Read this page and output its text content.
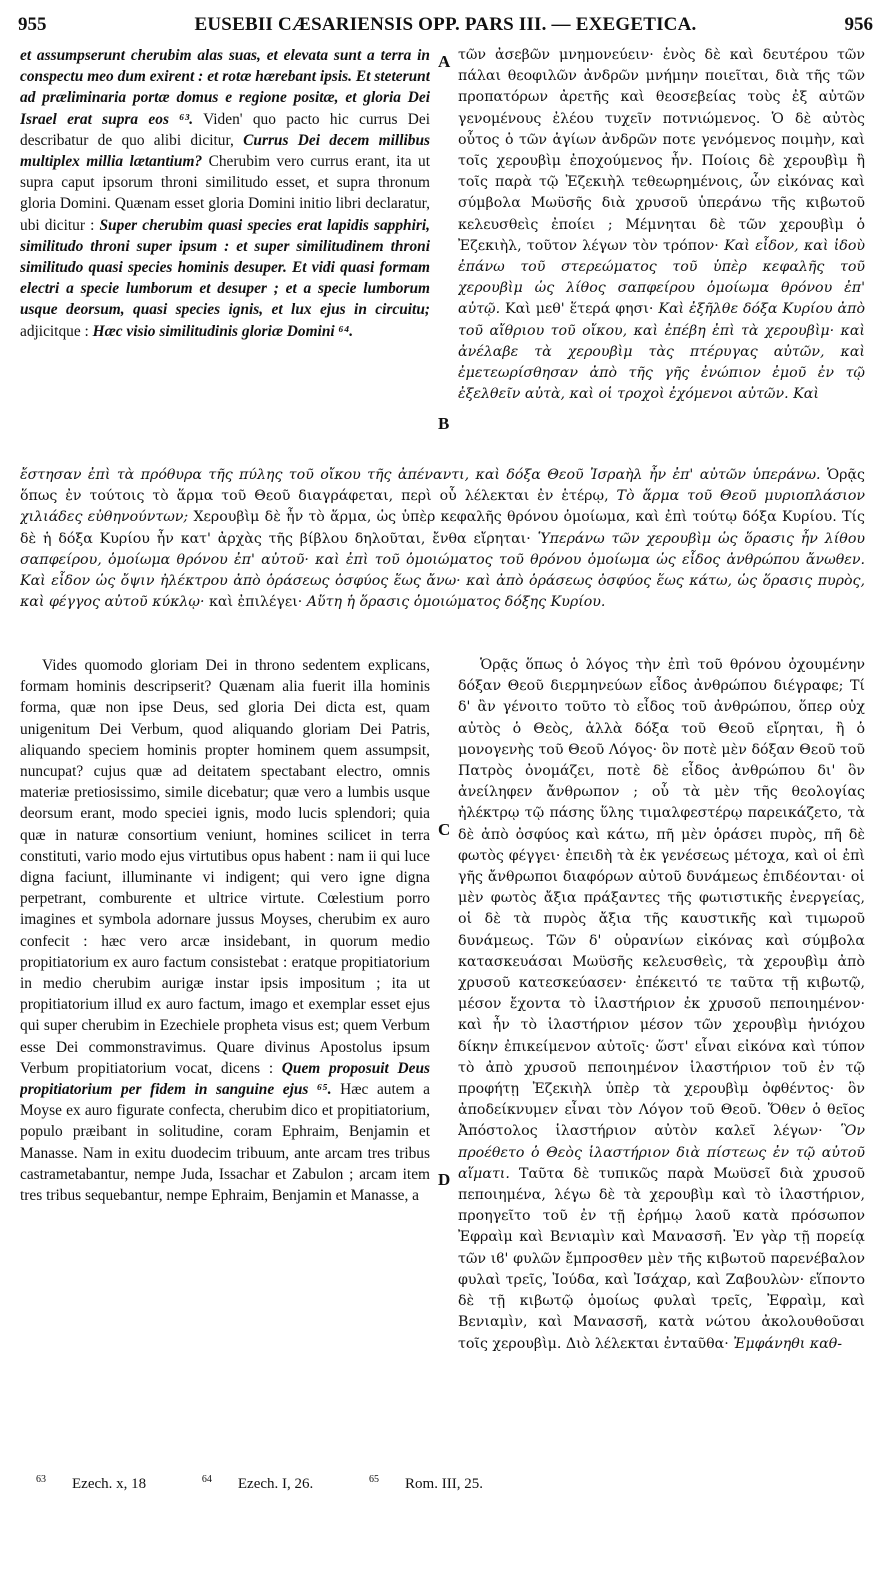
955	EUSEBII CÆSARIENSIS OPP. PARS III. — EXEGETICA.	956

et assumpserunt cherubim alas suas, et elevata sunt a terra in conspectu meo dum exirent : et rotæ hærebant ipsis. Et steterunt ad præliminaria portæ domus e regione positæ, et gloria Dei Israel erat supra eos ⁶³. Viden' quo pacto hic currus Dei describatur de quo alibi dicitur, Currus Dei decem millibus multiplex millia lætantium? Cherubim vero currus erant, ita ut supra caput ipsorum throni similitudo esset, et supra thronum gloria Domini. Quænam esset gloria Domini initio libri declaratur, ubi dicitur : Super cherubim quasi species erat lapidis sapphiri, similitudo throni super ipsum : et super similitudinem throni similitudo quasi species hominis desuper. Et vidi quasi formam electri a specie lumborum et desuper ; et a specie lumborum usque deorsum, quasi species ignis, et lux ejus in circuitu; adjicitque : Hæc visio similitudinis gloriæ Domini ⁶⁴.

τῶν ἀσεβῶν μνημονεύειν· ἑνὸς δὲ καὶ δευτέρου τῶν πάλαι θεοφιλῶν ἀνδρῶν μνήμην ποιεῖται, διὰ τῆς τῶν προπατόρων ἀρετῆς καὶ θεοσεβείας τοὺς ἐξ αὐτῶν γενομένους ἐλέου τυχεῖν ποτνιώμενος. Ὁ δὲ αὐτὸς οὗτος ὁ τῶν ἁγίων ἀνδρῶν ποτε γενόμενος ποιμὴν, καὶ τοῖς χερουβὶμ ἐποχούμενος ἦν. Ποίοις δὲ χερουβὶμ ἢ τοῖς παρὰ τῷ Ἐζεκιὴλ τεθεωρημένοις, ὧν εἰκόνας καὶ σύμβολα Μωϋσῆς διὰ χρυσοῦ ὑπεράνω τῆς κιβωτοῦ κελευσθεὶς ἐποίει ; Μέμνηται δὲ τῶν χερουβὶμ ὁ Ἐζεκιὴλ, τοῦτον λέγων τὸν τρόπον· Καὶ εἶδον, καὶ ἰδοὺ ἐπάνω τοῦ στερεώματος τοῦ ὑπὲρ κεφαλῆς τοῦ χερουβὶμ ὡς λίθος σαπφείρου ὁμοίωμα θρόνου ἐπ' αὐτῷ. Καὶ μεθ' ἕτερά φησι· Καὶ ἐξῆλθε δόξα Κυρίου ἀπὸ τοῦ αἴθριου τοῦ οἴκου, καὶ ἐπέβη ἐπὶ τὰ χερουβὶμ· καὶ ἀνέλαβε τὰ χερουβὶμ τὰς πτέρυγας αὐτῶν, καὶ ἐμετεωρίσθησαν ἀπὸ τῆς γῆς ἐνώπιον ἐμοῦ ἐν τῷ ἐξελθεῖν αὐτὰ, καὶ οἱ τροχοὶ ἐχόμενοι αὐτῶν. Καὶ

ἔστησαν ἐπὶ τὰ πρόθυρα τῆς πύλης τοῦ οἴκου τῆς ἀπέναντι, καὶ δόξα Θεοῦ Ἰσραὴλ ἦν ἐπ' αὐτῶν ὑπεράνω. Ὁρᾷς ὅπως ἐν τούτοις τὸ ἅρμα τοῦ Θεοῦ διαγράφεται, περὶ οὗ λέλεκται ἐν ἑτέρῳ, Τὸ ἅρμα τοῦ Θεοῦ μυριοπλάσιον χιλιάδες εὐθηνούντων; Χερουβὶμ δὲ ἦν τὸ ἅρμα, ὡς ὑπὲρ κεφαλῆς θρόνου ὁμοίωμα, καὶ ἐπὶ τούτῳ δόξα Κυρίου. Τίς δὲ ἡ δόξα Κυρίου ἦν κατ' ἀρχὰς τῆς βίβλου δηλοῦται, ἔνθα εἴρηται· Ὑπεράνω τῶν χερουβὶμ ὡς ὅρασις ἦν λίθου σαπφείρου, ὁμοίωμα θρόνου ἐπ' αὐτοῦ· καὶ ἐπὶ τοῦ ὁμοιώματος τοῦ θρόνου ὁμοίωμα ὡς εἶδος ἀνθρώπου ἄνωθεν. Καὶ εἶδον ὡς ὄψιν ἠλέκτρου ἀπὸ ὁράσεως ὀσφύος ἕως ἄνω· καὶ ἀπὸ ὁράσεως ὀσφύος ἕως κάτω, ὡς ὅρασις πυρὸς, καὶ φέγγος αὐτοῦ κύκλῳ· καὶ ἐπιλέγει· Αὕτη ἡ ὅρασις ὁμοιώματος δόξης Κυρίου.

Vides quomodo gloriam Dei in throno sedentem explicans, formam hominis descripserit? Quænam alia fuerit illa hominis forma, quæ non ipse Deus, sed gloria Dei dicta est, quam unigenitum Dei Verbum, quod aliquando gloriam Dei Patris, aliquando speciem hominis propter hominem quem assumpsit, nuncupat? cujus quæ ad deitatem spectabant electro, omnis materiæ pretiosissimo, simile dicebatur; quæ vero a lumbis usque deorsum erant, modo speciei ignis, modo lucis splendori; quia quæ in naturæ consortium veniunt, homines scilicet in terra constituti, vario modo ejus virtutibus opus habent : nam ii qui luce digna faciunt, illuminante vi indigent; qui vero igne digna perpetrant, comburente et ultrice virtute. Cœlestium porro imagines et symbola adornare jussus Moyses, cherubim ex auro confecit : hæc vero arcæ insidebant, in quorum medio propitiatorium ex auro factum consistebat : eratque propitiatorium in medio cherubim aurigæ instar ipsis impositum ; ita ut propitiatorium illud ex auro factum, imago et exemplar esset ejus qui super cherubim in Ezechiele propheta visus est; quem Verbum esse Dei commonstravimus. Quare divinus Apostolus ipsum Verbum propitiatorium vocat, dicens : Quem proposuit Deus propitiatorium per fidem in sanguine ejus ⁶⁵. Hæc autem a Moyse ex auro figurate confecta, cherubim dico et propitiatorium, populo præibant in solitudine, coram Ephraim, Benjamin et Manasse. Nam in exitu duodecim tribuum, ante arcam tres tribus castrametabantur, nempe Juda, Issachar et Zabulon ; arcam item tres tribus sequebantur, nempe Ephraim, Benjamin et Manasse, a

Ὁρᾷς ὅπως ὁ λόγος τὴν ἐπὶ τοῦ θρόνου ὀχουμένην δόξαν Θεοῦ διερμηνεύων εἶδος ἀνθρώπου διέγραφε; Τί δ' ἂν γένοιτο τοῦτο τὸ εἶδος τοῦ ἀνθρώπου, ὅπερ οὐχ αὐτὸς ὁ Θεὸς, ἀλλὰ δόξα τοῦ Θεοῦ εἴρηται, ἢ ὁ μονογενὴς τοῦ Θεοῦ Λόγος· ὃν ποτὲ μὲν δόξαν Θεοῦ τοῦ Πατρὸς ὀνομάζει, ποτὲ δὲ εἶδος ἀνθρώπου δι' ὃν ἀνείληφεν ἄνθρωπον ; οὗ τὰ μὲν τῆς θεολογίας ἠλέκτρῳ τῷ πάσης ὕλης τιμαλφεστέρῳ παρεικάζετο, τὰ δὲ ἀπὸ ὀσφύος καὶ κάτω, πῆ μὲν ὁράσει πυρὸς, πῆ δὲ φωτὸς φέγγει· ἐπειδὴ τὰ ἐκ γενέσεως μέτοχα, καὶ οἱ ἐπὶ γῆς ἄνθρωποι διαφόρων αὐτοῦ δυνάμεως ἐπιδέονται· οἱ μὲν φωτὸς ἄξια πράξαντες τῆς φωτιστικῆς ἐνεργείας, οἱ δὲ τὰ πυρὸς ἄξια τῆς καυστικῆς καὶ τιμωροῦ δυνάμεως. Τῶν δ' οὐρανίων εἰκόνας καὶ σύμβολα κατασκευάσαι Μωϋσῆς κελευσθεὶς, τὰ χερουβὶμ ἀπὸ χρυσοῦ κατεσκεύασεν· ἐπέκειτό τε ταῦτα τῇ κιβωτῷ, μέσον ἔχοντα τὸ ἱλαστήριον ἐκ χρυσοῦ πεποιημένον· καὶ ἦν τὸ ἱλαστήριον μέσον τῶν χερουβὶμ ἡνιόχου δίκην ἐπικείμενον αὐτοῖς· ὥστ' εἶναι εἰκόνα καὶ τύπον τὸ ἀπὸ χρυσοῦ πεποιημένον ἱλαστήριον τοῦ ἐν τῷ προφήτῃ Ἐζεκιὴλ ὑπὲρ τὰ χερουβὶμ ὀφθέντος· ὃν ἀποδείκνυμεν εἶναι τὸν Λόγον τοῦ Θεοῦ. Ὅθεν ὁ θεῖος Ἀπόστολος ἱλαστήριον αὐτὸν καλεῖ λέγων· Ὃν προέθετο ὁ Θεὸς ἱλαστήριον διὰ πίστεως ἐν τῷ αὐτοῦ αἵματι. Ταῦτα δὲ τυπικῶς παρὰ Μωϋσεῖ διὰ χρυσοῦ πεποιημένα, λέγω δὲ τὰ χερουβὶμ καὶ τὸ ἱλαστήριον, προηγεῖτο τοῦ ἐν τῇ ἐρήμῳ λαοῦ κατὰ πρόσωπον Ἐφραὶμ καὶ Βενιαμὶν καὶ Μανασσῆ. Ἐν γὰρ τῇ πορείᾳ τῶν ιϐ' φυλῶν ἔμπροσθεν μὲν τῆς κιβωτοῦ παρενέβαλον φυλαὶ τρεῖς, Ἰούδα, καὶ Ἰσάχαρ, καὶ Ζαβουλὼν· εἵποντο δὲ τῇ κιβωτῷ ὁμοίως φυλαὶ τρεῖς, Ἐφραὶμ, καὶ Βενιαμὶν, καὶ Μανασσῆ, κατὰ νώτου ἀκολουθοῦσαι τοῖς χερουβὶμ. Διὸ λέλεκται ἐνταῦθα· Ἐμφάνηθι καθ-

A
B
C
D
$^{63}$ Ezech. x, 18	$^{64}$ Ezech. I, 26.	$^{65}$ Rom. III, 25.
